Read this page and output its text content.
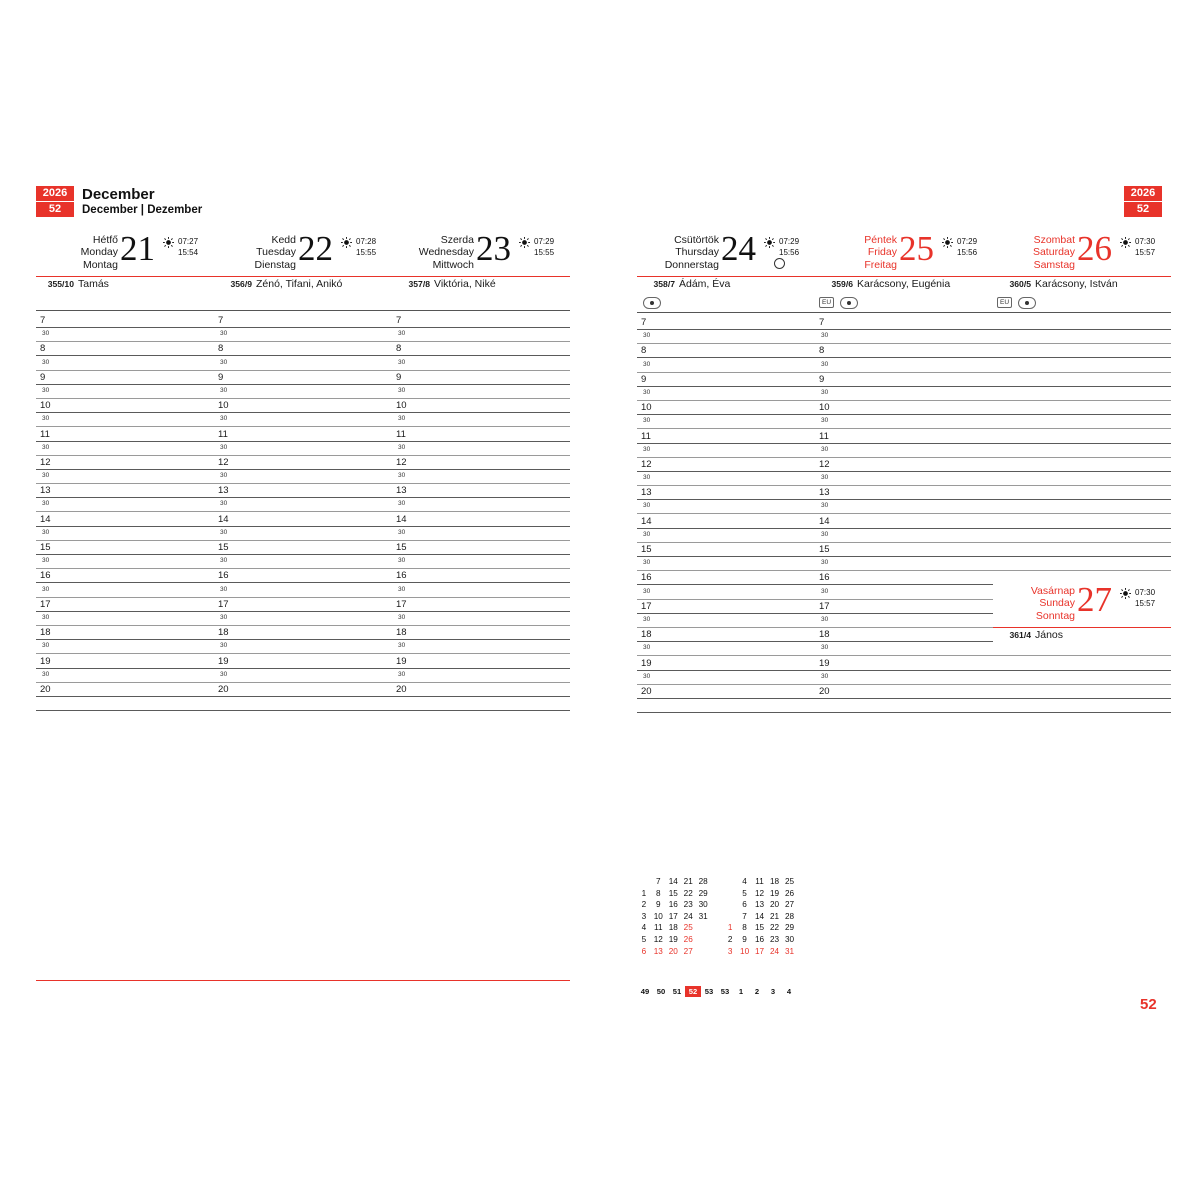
2026
52
December
December | Dezember
2026
52
Hétfő
Monday
Montag 21	07:27
15:54
355/10 Tamás
7
30
8
30
9
30
10
30
11
30
12
30
13
30
14
30
15
30
16
30
17
30
18
30
19
30
20
Kedd
Tuesday
Dienstag 22	07:28
15:55
356/9 Zénó, Tifani, Anikó
7
30
8
30
9
30
10
30
11
30
12
30
13
30
14
30
15
30
16
30
17
30
18
30
19
30
20
Szerda
Wednesday
Mittwoch 23	07:29
15:55
357/8 Viktória, Niké
7
30
8
30
9
30
10
30
11
30
12
30
13
30
14
30
15
30
16
30
17
30
18
30
19
30
20
Csütörtök
Thursday
Donnerstag 24	07:29
15:56
358/7 Ádám, Éva
7
30
8
30
9
30
10
30
11
30
12
30
13
30
14
30
15
30
16
30
17
30
18
30
19
30
20
Péntek
Friday
Freitag 25	07:29
15:56
359/6 Karácsony, Eugénia
EU
7
30
8
30
9
30
10
30
11
30
12
30
13
30
14
30
15
30
16
30
17
30
18
30
19
30
20
Szombat
Saturday
Samstag 26	07:30
15:57
360/5 Karácsony, István
EU
Vasárnap
Sunday
Sonntag 27	07:30
15:57
361/4 János
	7	14	21	28			4	11	18	25
1	8	15	22	29			5	12	19	26
2	9	16	23	30			6	13	20	27
3	10	17	24	31			7	14	21	28
4	11	18	25			1	8	15	22	29
5	12	19	26			2	9	16	23	30
6	13	20	27			3	10	17	24	31
49 50 51 52 53 53 1 2 3 4
52
